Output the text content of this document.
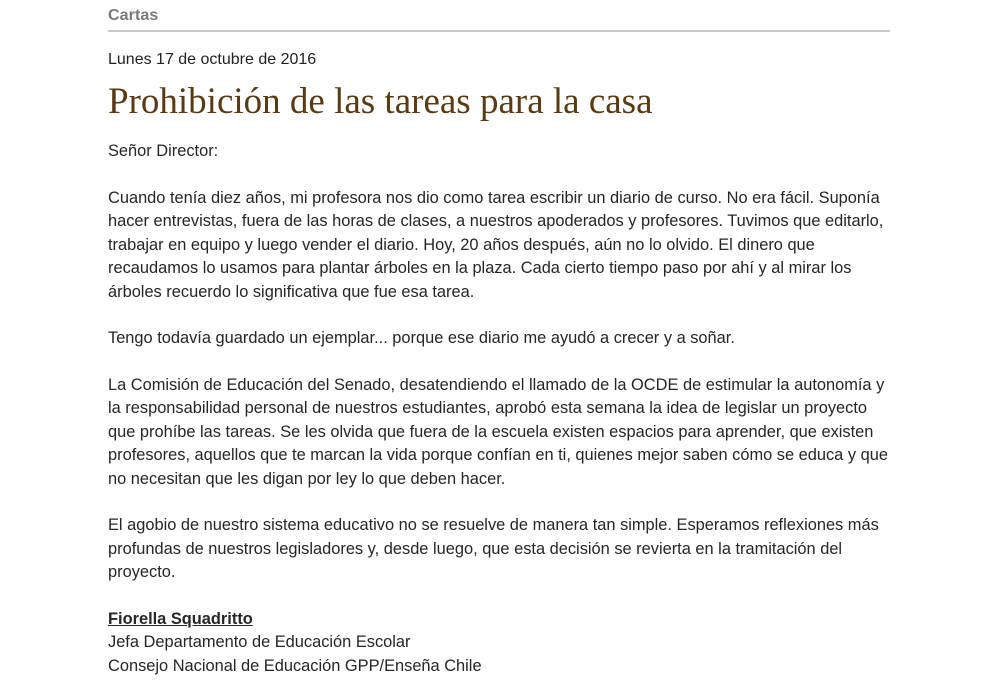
Cartas
Lunes 17 de octubre de 2016
Prohibición de las tareas para la casa

Señor Director:

Cuando tenía diez años, mi profesora nos dio como tarea escribir un diario de curso. No era fácil. Suponía hacer entrevistas, fuera de las horas de clases, a nuestros apoderados y profesores. Tuvimos que editarlo, trabajar en equipo y luego vender el diario. Hoy, 20 años después, aún no lo olvido. El dinero que recaudamos lo usamos para plantar árboles en la plaza. Cada cierto tiempo paso por ahí y al mirar los árboles recuerdo lo significativa que fue esa tarea.

Tengo todavía guardado un ejemplar... porque ese diario me ayudó a crecer y a soñar.

La Comisión de Educación del Senado, desatendiendo el llamado de la OCDE de estimular la autonomía y la responsabilidad personal de nuestros estudiantes, aprobó esta semana la idea de legislar un proyecto que prohíbe las tareas. Se les olvida que fuera de la escuela existen espacios para aprender, que existen profesores, aquellos que te marcan la vida porque confían en ti, quienes mejor saben cómo se educa y que no necesitan que les digan por ley lo que deben hacer.

El agobio de nuestro sistema educativo no se resuelve de manera tan simple. Esperamos reflexiones más profundas de nuestros legisladores y, desde luego, que esta decisión se revierta en la tramitación del proyecto.

Fiorella Squadritto
Jefa Departamento de Educación Escolar
Consejo Nacional de Educación GPP/Enseña Chile
